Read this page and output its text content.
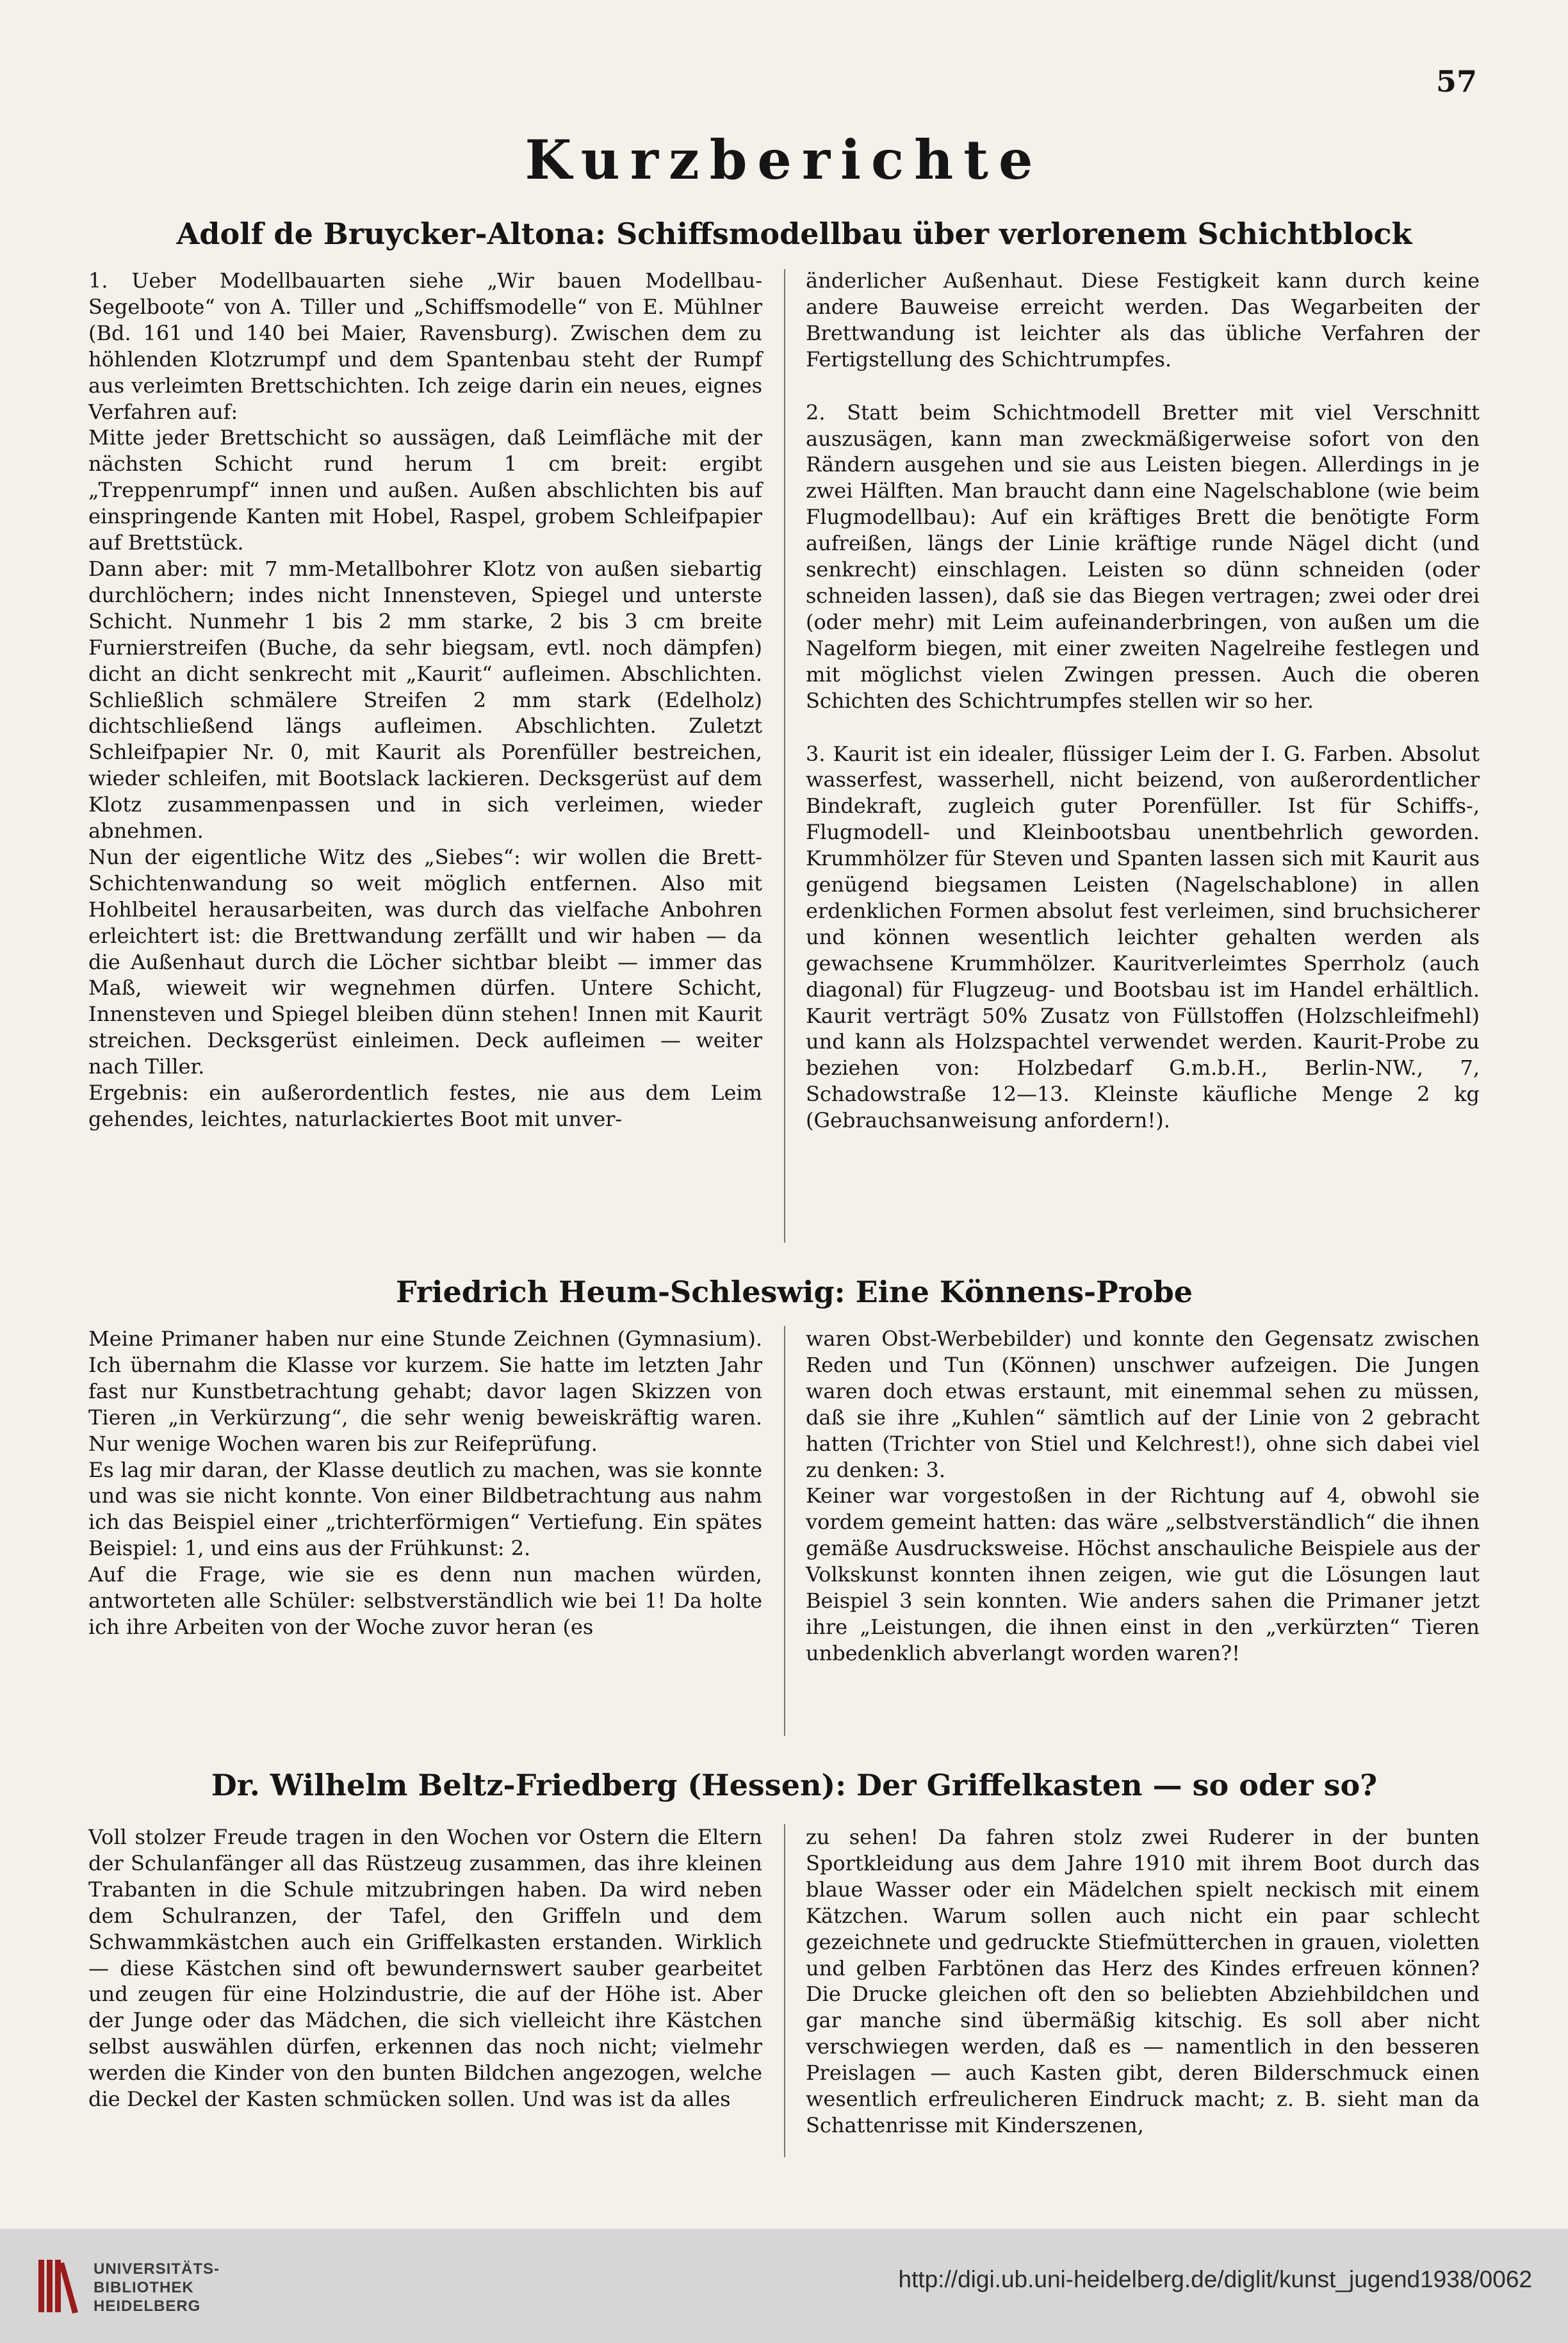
57
Kurzberichte
Adolf de Bruycker-Altona: Schiffsmodellbau über verlorenem Schichtblock

1. Ueber Modellbauarten siehe „Wir bauen Modellbau-Segelboote“ von A. Tiller und „Schiffsmodelle“ von E. Mühlner (Bd. 161 und 140 bei Maier, Ravensburg). Zwischen dem zu höhlenden Klotzrumpf und dem Spantenbau steht der Rumpf aus verleimten Brettschichten. Ich zeige darin ein neues, eignes Verfahren auf:

Mitte jeder Brettschicht so aussägen, daß Leimfläche mit der nächsten Schicht rund herum 1 cm breit: ergibt „Treppenrumpf“ innen und außen. Außen abschlichten bis auf einspringende Kanten mit Hobel, Raspel, grobem Schleifpapier auf Brettstück.

Dann aber: mit 7 mm-Metallbohrer Klotz von außen siebartig durchlöchern; indes nicht Innensteven, Spiegel und unterste Schicht. Nunmehr 1 bis 2 mm starke, 2 bis 3 cm breite Furnierstreifen (Buche, da sehr biegsam, evtl. noch dämpfen) dicht an dicht senkrecht mit „Kaurit“ aufleimen. Abschlichten. Schließlich schmälere Streifen 2 mm stark (Edelholz) dichtschließend längs aufleimen. Abschlichten. Zuletzt Schleifpapier Nr. 0, mit Kaurit als Porenfüller bestreichen, wieder schleifen, mit Bootslack lackieren. Decksgerüst auf dem Klotz zusammenpassen und in sich verleimen, wieder abnehmen.

Nun der eigentliche Witz des „Siebes“: wir wollen die Brett-Schichtenwandung so weit möglich entfernen. Also mit Hohlbeitel herausarbeiten, was durch das vielfache Anbohren erleichtert ist: die Brettwandung zerfällt und wir haben — da die Außenhaut durch die Löcher sichtbar bleibt — immer das Maß, wieweit wir wegnehmen dürfen. Untere Schicht, Innensteven und Spiegel bleiben dünn stehen! Innen mit Kaurit streichen. Decksgerüst einleimen. Deck aufleimen — weiter nach Tiller.

Ergebnis: ein außerordentlich festes, nie aus dem Leim gehendes, leichtes, naturlackiertes Boot mit unver-

änderlicher Außenhaut. Diese Festigkeit kann durch keine andere Bauweise erreicht werden. Das Wegarbeiten der Brettwandung ist leichter als das übliche Verfahren der Fertigstellung des Schichtrumpfes.

2. Statt beim Schichtmodell Bretter mit viel Verschnitt auszusägen, kann man zweckmäßigerweise sofort von den Rändern ausgehen und sie aus Leisten biegen. Allerdings in je zwei Hälften. Man braucht dann eine Nagelschablone (wie beim Flugmodellbau): Auf ein kräftiges Brett die benötigte Form aufreißen, längs der Linie kräftige runde Nägel dicht (und senkrecht) einschlagen. Leisten so dünn schneiden (oder schneiden lassen), daß sie das Biegen vertragen; zwei oder drei (oder mehr) mit Leim aufeinanderbringen, von außen um die Nagelform biegen, mit einer zweiten Nagelreihe festlegen und mit möglichst vielen Zwingen pressen. Auch die oberen Schichten des Schichtrumpfes stellen wir so her.

3. Kaurit ist ein idealer, flüssiger Leim der I. G. Farben. Absolut wasserfest, wasserhell, nicht beizend, von außerordentlicher Bindekraft, zugleich guter Porenfüller. Ist für Schiffs-, Flugmodell- und Kleinbootsbau unentbehrlich geworden. Krummhölzer für Steven und Spanten lassen sich mit Kaurit aus genügend biegsamen Leisten (Nagelschablone) in allen erdenklichen Formen absolut fest verleimen, sind bruchsicherer und können wesentlich leichter gehalten werden als gewachsene Krummhölzer. Kauritverleimtes Sperrholz (auch diagonal) für Flugzeug- und Bootsbau ist im Handel erhältlich. Kaurit verträgt 50% Zusatz von Füllstoffen (Holzschleifmehl) und kann als Holzspachtel verwendet werden. Kaurit-Probe zu beziehen von: Holzbedarf G.m.b.H., Berlin-NW., 7, Schadowstraße 12—13. Kleinste käufliche Menge 2 kg (Gebrauchsanweisung anfordern!).

Friedrich Heum-Schleswig: Eine Könnens-Probe

Meine Primaner haben nur eine Stunde Zeichnen (Gymnasium). Ich übernahm die Klasse vor kurzem. Sie hatte im letzten Jahr fast nur Kunstbetrachtung gehabt; davor lagen Skizzen von Tieren „in Verkürzung“, die sehr wenig beweiskräftig waren. Nur wenige Wochen waren bis zur Reifeprüfung.

Es lag mir daran, der Klasse deutlich zu machen, was sie konnte und was sie nicht konnte. Von einer Bildbetrachtung aus nahm ich das Beispiel einer „trichterförmigen“ Vertiefung. Ein spätes Beispiel: 1, und eins aus der Frühkunst: 2.

Auf die Frage, wie sie es denn nun machen würden, antworteten alle Schüler: selbstverständlich wie bei 1! Da holte ich ihre Arbeiten von der Woche zuvor heran (es

waren Obst-Werbebilder) und konnte den Gegensatz zwischen Reden und Tun (Können) unschwer aufzeigen. Die Jungen waren doch etwas erstaunt, mit einemmal sehen zu müssen, daß sie ihre „Kuhlen“ sämtlich auf der Linie von 2 gebracht hatten (Trichter von Stiel und Kelchrest!), ohne sich dabei viel zu denken: 3.

Keiner war vorgestoßen in der Richtung auf 4, obwohl sie vordem gemeint hatten: das wäre „selbstverständlich“ die ihnen gemäße Ausdrucksweise. Höchst anschauliche Beispiele aus der Volkskunst konnten ihnen zeigen, wie gut die Lösungen laut Beispiel 3 sein konnten. Wie anders sahen die Primaner jetzt ihre „Leistungen, die ihnen einst in den „verkürzten“ Tieren unbedenklich abverlangt worden waren?!

Dr. Wilhelm Beltz-Friedberg (Hessen): Der Griffelkasten — so oder so?

Voll stolzer Freude tragen in den Wochen vor Ostern die Eltern der Schulanfänger all das Rüstzeug zusammen, das ihre kleinen Trabanten in die Schule mitzubringen haben. Da wird neben dem Schulranzen, der Tafel, den Griffeln und dem Schwammkästchen auch ein Griffelkasten erstanden. Wirklich — diese Kästchen sind oft bewundernswert sauber gearbeitet und zeugen für eine Holzindustrie, die auf der Höhe ist. Aber der Junge oder das Mädchen, die sich vielleicht ihre Kästchen selbst auswählen dürfen, erkennen das noch nicht; vielmehr werden die Kinder von den bunten Bildchen angezogen, welche die Deckel der Kasten schmücken sollen. Und was ist da alles

zu sehen! Da fahren stolz zwei Ruderer in der bunten Sportkleidung aus dem Jahre 1910 mit ihrem Boot durch das blaue Wasser oder ein Mädelchen spielt neckisch mit einem Kätzchen. Warum sollen auch nicht ein paar schlecht gezeichnete und gedruckte Stiefmütterchen in grauen, violetten und gelben Farbtönen das Herz des Kindes erfreuen können? Die Drucke gleichen oft den so beliebten Abziehbildchen und gar manche sind übermäßig kitschig. Es soll aber nicht verschwiegen werden, daß es — namentlich in den besseren Preislagen — auch Kasten gibt, deren Bilderschmuck einen wesentlich erfreulicheren Eindruck macht; z. B. sieht man da Schattenrisse mit Kinderszenen,

UNIVERSITÄTS-
BIBLIOTHEK
HEIDELBERG
http://digi.ub.uni-heidelberg.de/diglit/kunst_jugend1938/0062
